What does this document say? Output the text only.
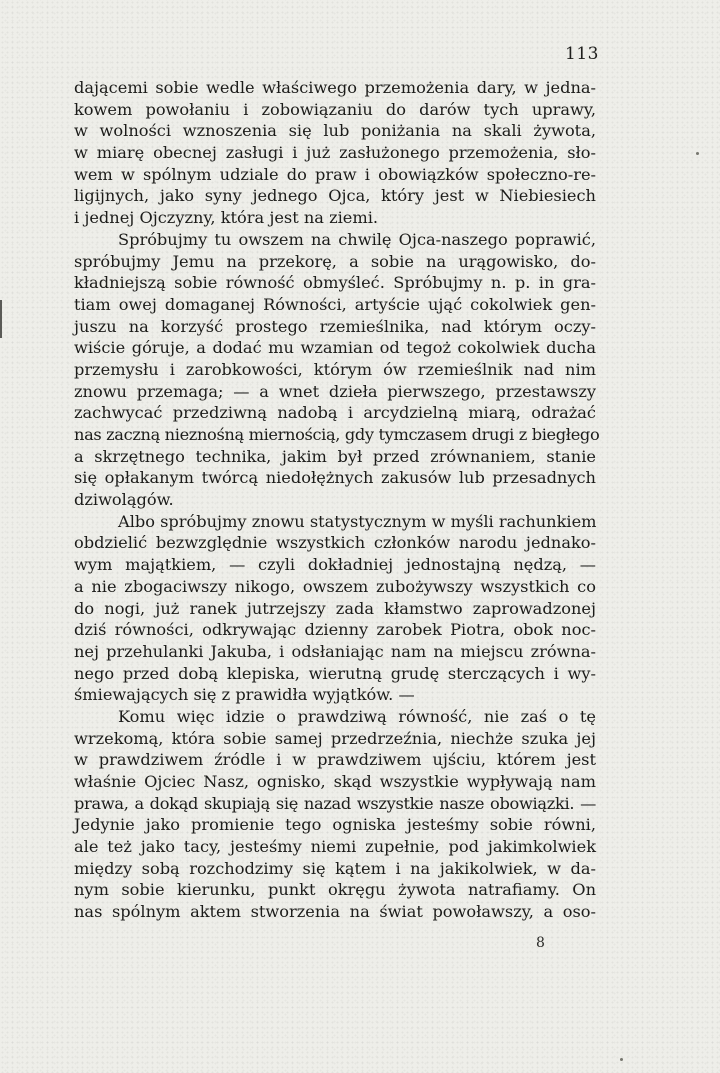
113
dającemi sobie wedle właściwego przemożenia dary, w jedna-
kowem powołaniu i zobowiązaniu do darów tych uprawy,
w wolności wznoszenia się lub poniżania na skali żywota,
w miarę obecnej zasługi i już zasłużonego przemożenia, sło-
wem w spólnym udziale do praw i obowiązków społeczno-re-
ligijnych, jako syny jednego Ojca, który jest w Niebiesiech
i jednej Ojczyzny, która jest na ziemi.
Spróbujmy tu owszem na chwilę Ojca-naszego poprawić,
spróbujmy Jemu na przekorę, a sobie na urągowisko, do-
kładniejszą sobie równość obmyśleć. Spróbujmy n. p. in gra-
tiam owej domaganej Równości, artyście ująć cokolwiek gen-
juszu na korzyść prostego rzemieślnika, nad którym oczy-
wiście góruje, a dodać mu wzamian od tegoż cokolwiek ducha
przemysłu i zarobkowości, którym ów rzemieślnik nad nim
znowu przemaga; — a wnet dzieła pierwszego, przestawszy
zachwycać przedziwną nadobą i arcydzielną miarą, odrażać
nas zaczną nieznośną miernością, gdy tymczasem drugi z biegłego
a skrzętnego technika, jakim był przed zrównaniem, stanie
się opłakanym twórcą niedołężnych zakusów lub przesadnych
dziwolągów.
Albo spróbujmy znowu statystycznym w myśli rachunkiem
obdzielić bezwzględnie wszystkich członków narodu jednako-
wym majątkiem, — czyli dokładniej jednostajną nędzą, —
a nie zbogaciwszy nikogo, owszem zubożywszy wszystkich co
do nogi, już ranek jutrzejszy zada kłamstwo zaprowadzonej
dziś równości, odkrywając dzienny zarobek Piotra, obok noc-
nej przehulanki Jakuba, i odsłaniając nam na miejscu zrówna-
nego przed dobą klepiska, wierutną grudę sterczących i wy-
śmiewających się z prawidła wyjątków. —
Komu więc idzie o prawdziwą równość, nie zaś o tę
wrzekomą, która sobie samej przedrzeźnia, niechże szuka jej
w prawdziwem źródle i w prawdziwem ujściu, którem jest
właśnie Ojciec Nasz, ognisko, skąd wszystkie wypływają nam
prawa, a dokąd skupiają się nazad wszystkie nasze obowiązki. —
Jedynie jako promienie tego ogniska jesteśmy sobie równi,
ale też jako tacy, jesteśmy niemi zupełnie, pod jakimkolwiek
między sobą rozchodzimy się kątem i na jakikolwiek, w da-
nym sobie kierunku, punkt okręgu żywota natrafiamy. On
nas spólnym aktem stworzenia na świat powoławszy, a oso-
8
